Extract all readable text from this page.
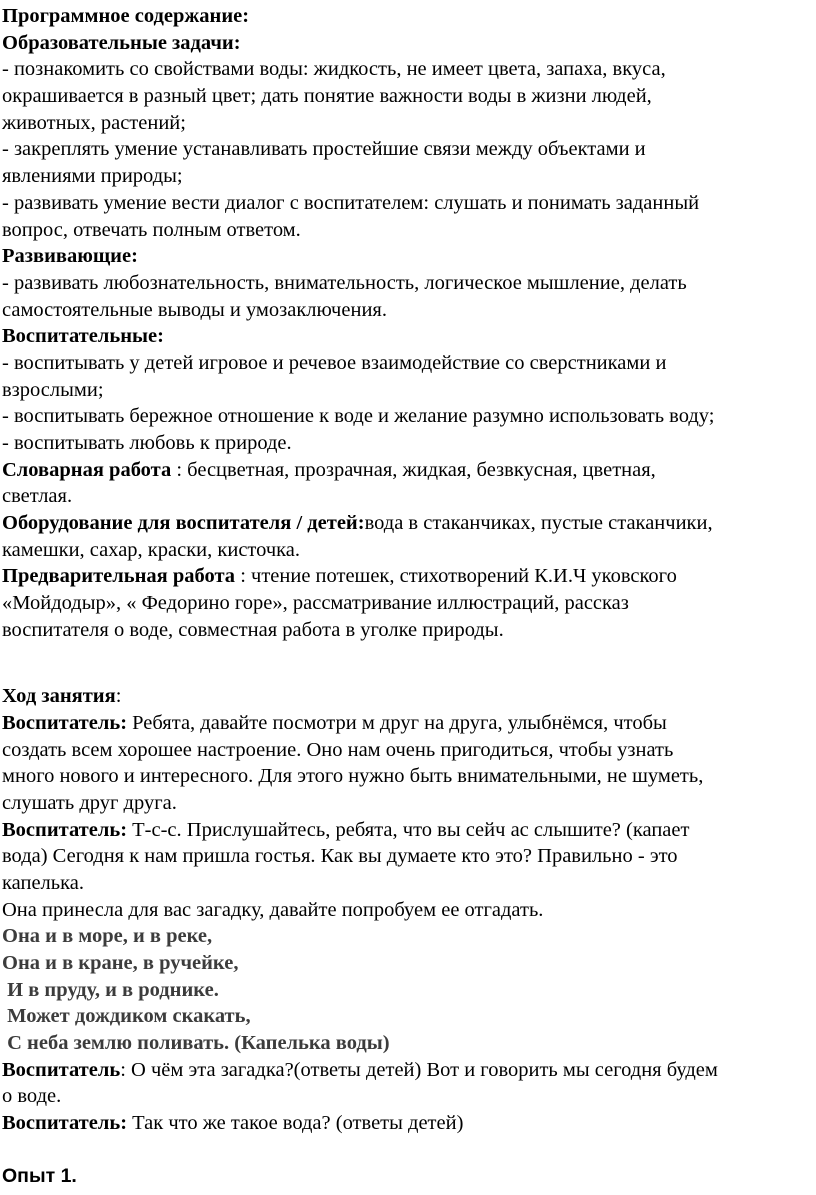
Программное содержание:
Образовательные задачи:
- познакомить со свойствами воды: жидкость, не имеет цвета, запаха, вкуса,
окрашивается в разный цвет; дать понятие важности воды в жизни людей,
животных, растений;
- закреплять умение устанавливать простейшие связи между объектами и
явлениями природы;
- развивать умение вести диалог с воспитателем: слушать и понимать заданный
вопрос, отвечать полным ответом.
Развивающие:
- развивать любознательность, внимательность, логическое мышление, делать
самостоятельные выводы и умозаключения.
Воспитательные:
- воспитывать у детей игровое и речевое взаимодействие со сверстниками и
взрослыми;
- воспитывать бережное отношение к воде и желание разумно использовать воду;
- воспитывать любовь к природе.
Словарная работа : бесцветная, прозрачная, жидкая, безвкусная, цветная,
светлая.
Оборудование для воспитателя / детей:вода в стаканчиках, пустые стаканчики,
камешки, сахар, краски, кисточка.
Предварительная работа : чтение потешек, стихотворений К.И.Ч уковского
«Мойдодыр», « Федорино горе», рассматривание иллюстраций, рассказ
воспитателя о воде, совместная работа в уголке природы.
Ход занятия:
Воспитатель: Ребята, давайте посмотри м друг на друга, улыбнёмся, чтобы
создать всем хорошее настроение. Оно нам очень пригодиться, чтобы узнать
много нового и интересного. Для этого нужно быть внимательными, не шуметь,
слушать друг друга.
Воспитатель: Т-с-с. Прислушайтесь, ребята, что вы сейч ас слышите? (капает
вода) Сегодня к нам пришла гостья. Как вы думаете кто это? Правильно - это
капелька.
Она принесла для вас загадку, давайте попробуем ее отгадать.
Она и в море, и в реке,
Она и в кране, в ручейке,
И в пруду, и в роднике.
Может дождиком скакать,
С неба землю поливать. (Капелька воды)
Воспитатель: О чём эта загадка?(ответы детей) Вот и говорить мы сегодня будем
о воде.
Воспитатель: Так что же такое вода? (ответы детей)
Опыт 1.
